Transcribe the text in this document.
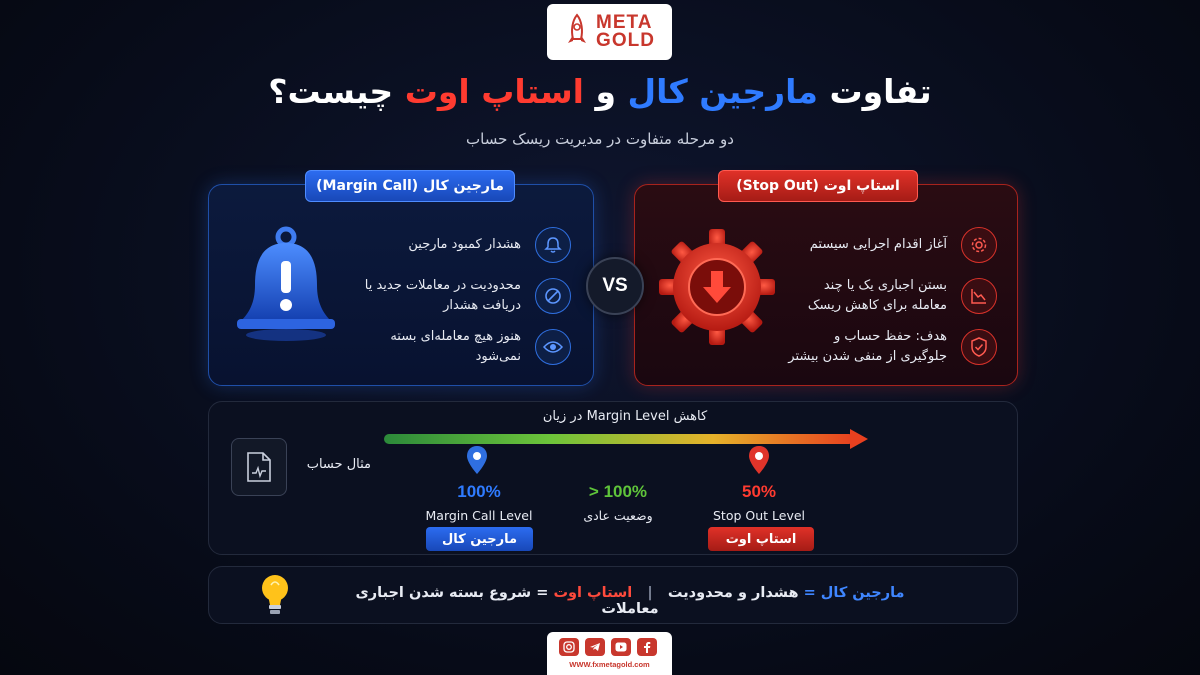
META
GOLD
تفاوت مارجین کال و استاپ اوت چیست؟
دو مرحله متفاوت در مدیریت ریسک حساب
هشدار کمبود مارجین
محدودیت در معاملات جدید یا دریافت هشدار
هنوز هیچ معامله‌ای بسته نمی‌شود
مارجین کال (Margin Call)
آغاز اقدام اجرایی سیستم
بستن اجباری یک یا چند معامله برای کاهش ریسک
هدف: حفظ حساب و جلوگیری از منفی شدن بیشتر
استاپ اوت (Stop Out)
VS
مثال حساب
کاهش Margin Level در زیان
100%
Margin Call Level
> 100%
وضعیت عادی
50%
Stop Out Level
مارجین کال	استاپ اوت
مارجین کال = هشدار و محدودیت   |   استاپ اوت = شروع بسته شدن اجباری معاملات
WWW.fxmetagold.com
